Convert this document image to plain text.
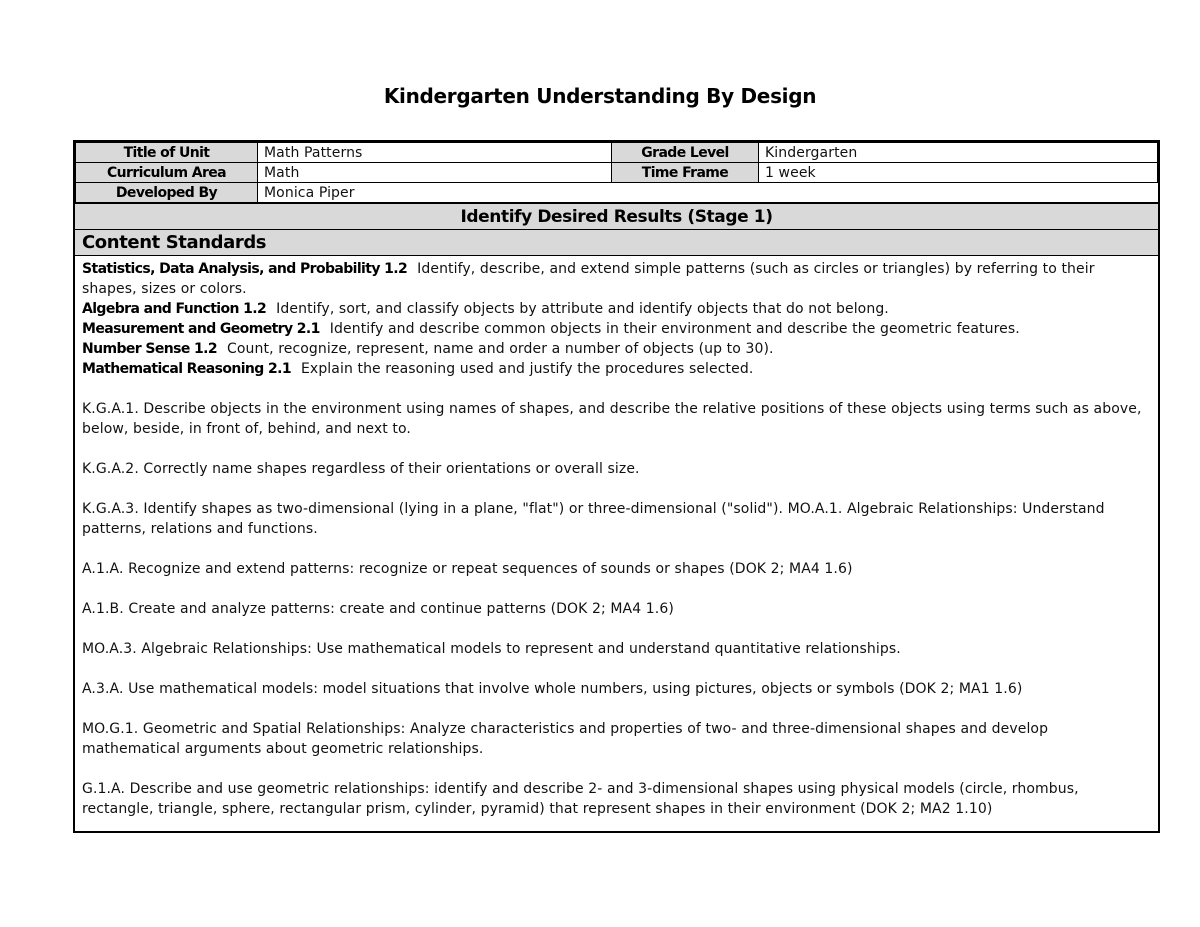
Kindergarten Understanding By Design
Title of Unit	Math Patterns	Grade Level	Kindergarten
Curriculum Area	Math	Time Frame	1 week
Developed By	Monica Piper		
Identify Desired Results (Stage 1)
Content Standards
Statistics, Data Analysis, and Probability 1.2 Identify, describe, and extend simple patterns (such as circles or triangles) by referring to their shapes, sizes or colors.
Algebra and Function 1.2 Identify, sort, and classify objects by attribute and identify objects that do not belong.
Measurement and Geometry 2.1 Identify and describe common objects in their environment and describe the geometric features.
Number Sense 1.2 Count, recognize, represent, name and order a number of objects (up to 30).
Mathematical Reasoning 2.1 Explain the reasoning used and justify the procedures selected.

K.G.A.1. Describe objects in the environment using names of shapes, and describe the relative positions of these objects using terms such as above, below, beside, in front of, behind, and next to.

K.G.A.2. Correctly name shapes regardless of their orientations or overall size.

K.G.A.3. Identify shapes as two-dimensional (lying in a plane, "flat") or three-dimensional ("solid"). MO.A.1. Algebraic Relationships: Understand patterns, relations and functions.

A.1.A. Recognize and extend patterns: recognize or repeat sequences of sounds or shapes (DOK 2; MA4 1.6)

A.1.B. Create and analyze patterns: create and continue patterns (DOK 2; MA4 1.6)

MO.A.3. Algebraic Relationships: Use mathematical models to represent and understand quantitative relationships.

A.3.A. Use mathematical models: model situations that involve whole numbers, using pictures, objects or symbols (DOK 2; MA1 1.6)

MO.G.1. Geometric and Spatial Relationships: Analyze characteristics and properties of two- and three-dimensional shapes and develop mathematical arguments about geometric relationships.

G.1.A. Describe and use geometric relationships: identify and describe 2- and 3-dimensional shapes using physical models (circle, rhombus, rectangle, triangle, sphere, rectangular prism, cylinder, pyramid) that represent shapes in their environment (DOK 2; MA2 1.10)
